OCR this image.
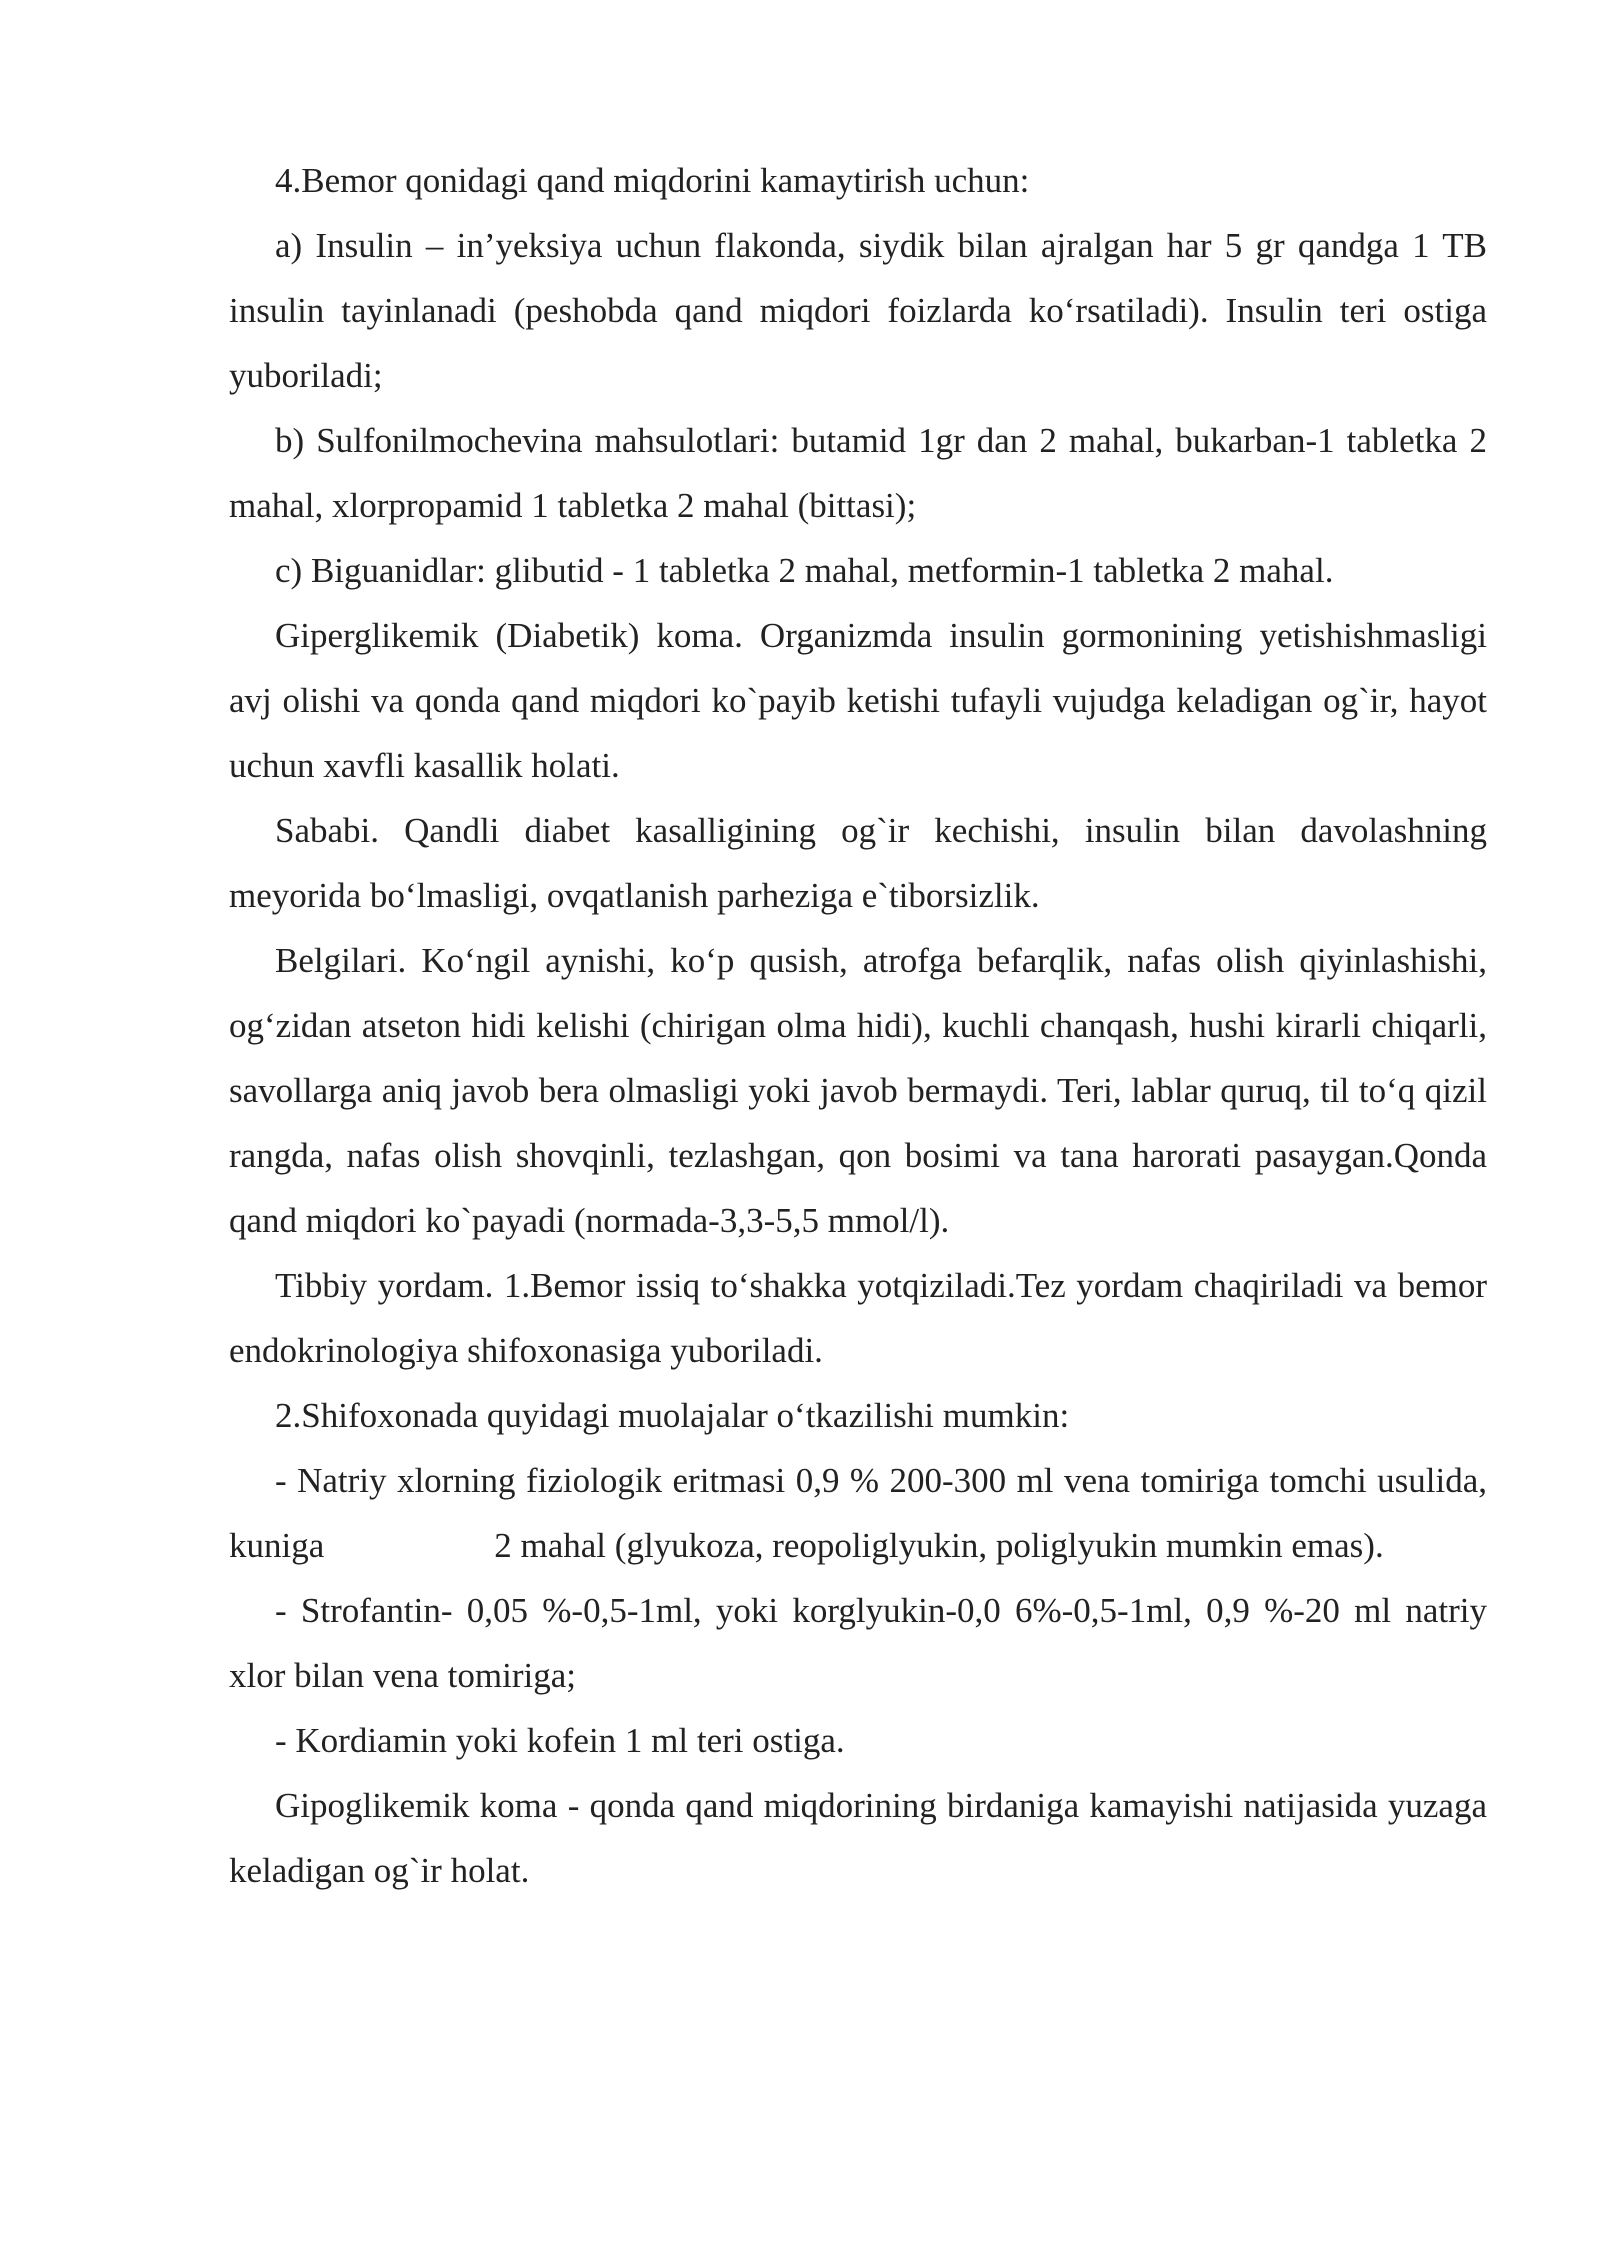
4.Bemor qonidagi qand miqdorini kamaytirish uchun:

a) Insulin – in’yeksiya uchun flakonda, siydik bilan ajralgan har 5 gr qandga 1 TB insulin tayinlanadi (peshobda qand miqdori foizlarda ko‘rsatiladi). Insulin teri ostiga yuboriladi;

b) Sulfonilmochevina mahsulotlari: butamid 1gr dan 2 mahal, bukarban-1 tabletka 2 mahal, xlorpropamid 1 tabletka 2 mahal (bittasi);

c) Biguanidlar: glibutid - 1 tabletka 2 mahal, metformin-1 tabletka 2 mahal.

Giperglikemik (Diabetik) koma. Organizmda insulin gormonining yetishishmasligi avj olishi va qonda qand miqdori ko`payib ketishi tufayli vujudga keladigan og`ir, hayot uchun xavfli kasallik holati.

Sababi. Qandli diabet kasalligining og`ir kechishi, insulin bilan davolashning meyorida bo‘lmasligi, ovqatlanish parheziga e`tiborsizlik.

Belgilari. Ko‘ngil aynishi, ko‘p qusish, atrofga befarqlik, nafas olish qiyinlashishi, og‘zidan atseton hidi kelishi (chirigan olma hidi), kuchli chanqash, hushi kirarli chiqarli, savollarga aniq javob bera olmasligi yoki javob bermaydi. Teri, lablar quruq, til to‘q qizil rangda, nafas olish shovqinli, tezlashgan, qon bosimi va tana harorati pasaygan.Qonda qand miqdori ko`payadi (normada-3,3-5,5 mmol/l).

Tibbiy yordam. 1.Bemor issiq to‘shakka yotqiziladi.Tez yordam chaqiriladi va bemor endokrinologiya shifoxonasiga yuboriladi.

2.Shifoxonada quyidagi muolajalar o‘tkazilishi mumkin:

- Natriy xlorning fiziologik eritmasi 0,9 % 200-300 ml vena tomiriga tomchi usulida, kuniga	2 mahal (glyukoza, reopoliglyukin, poliglyukin mumkin emas).

- Strofantin- 0,05 %-0,5-1ml, yoki korglyukin-0,0 6%-0,5-1ml, 0,9 %-20 ml natriy xlor bilan vena tomiriga;

- Kordiamin yoki kofein 1 ml teri ostiga.

Gipoglikemik koma - qonda qand miqdorining birdaniga kamayishi natijasida yuzaga keladigan og`ir holat.
